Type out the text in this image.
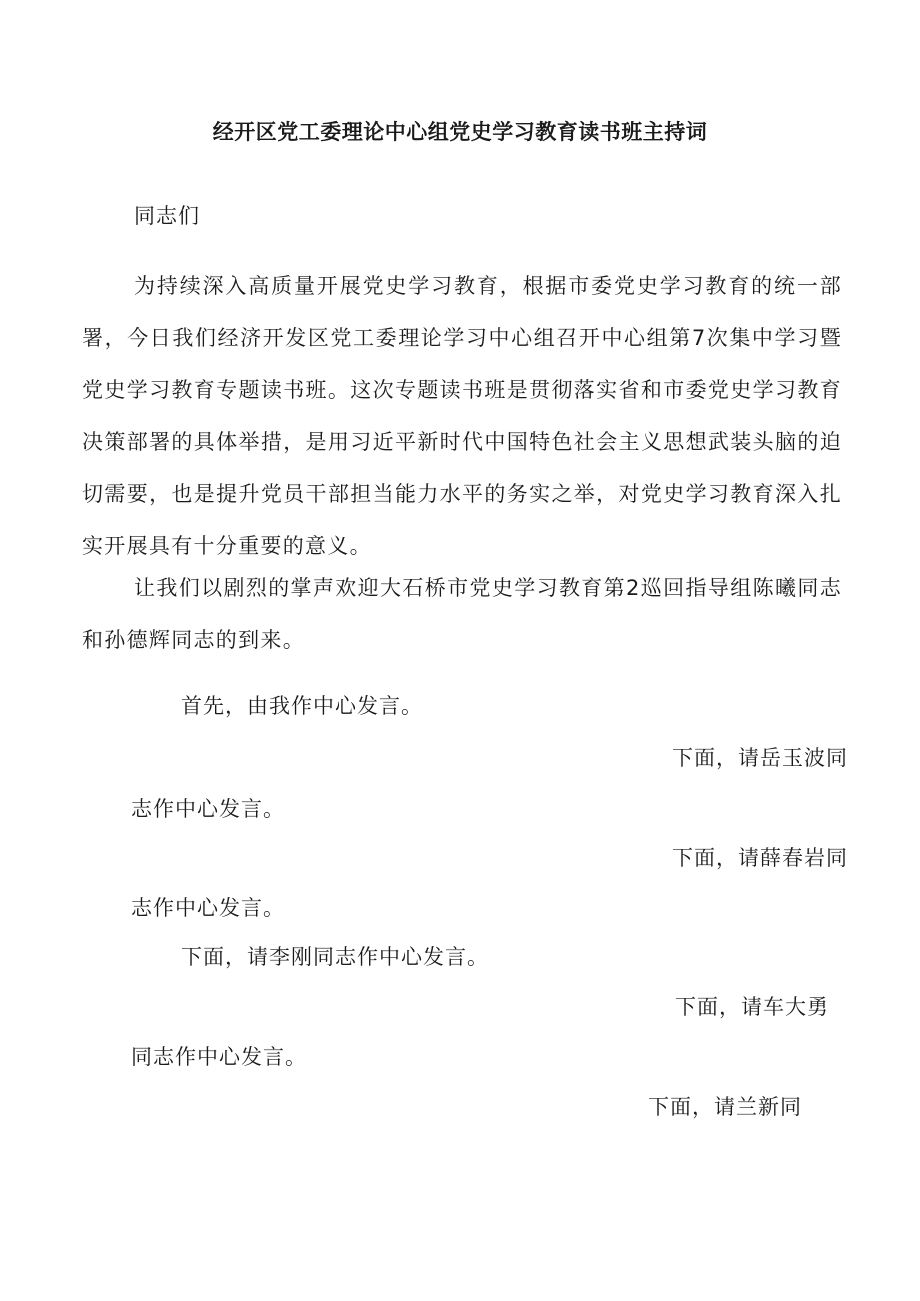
经开区党工委理论中心组党史学习教育读书班主持词
同志们
为持续深入高质量开展党史学习教育，根据市委党史学习教育的统一部署，今日我们经济开发区党工委理论学习中心组召开中心组第7次集中学习暨党史学习教育专题读书班。这次专题读书班是贯彻落实省和市委党史学习教育决策部署的具体举措，是用习近平新时代中国特色社会主义思想武装头脑的迫切需要，也是提升党员干部担当能力水平的务实之举，对党史学习教育深入扎实开展具有十分重要的意义。
让我们以剧烈的掌声欢迎大石桥市党史学习教育第2巡回指导组陈曦同志和孙德辉同志的到来。
首先，由我作中心发言。
下面，请岳玉波同
志作中心发言。
下面，请薛春岩同
志作中心发言。
下面，请李刚同志作中心发言。
下面，请车大勇
同志作中心发言。
下面，请兰新同
